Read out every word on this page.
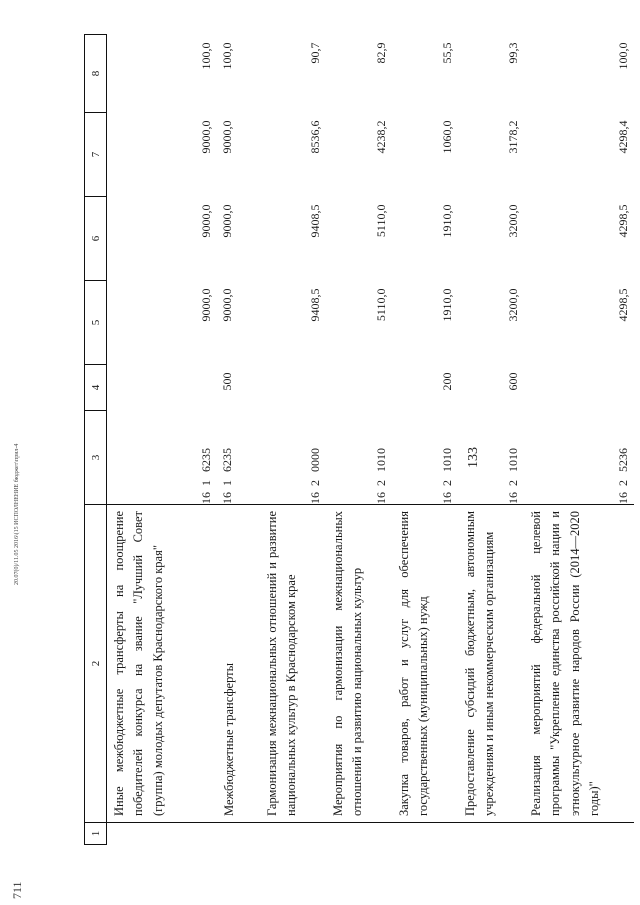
133
20.07(0)/11.05 2016\(15 ИСПОЛНЕНИЕ бюджет\прил-4
711
1	2	3	4	5	6	7	8
	Иные межбюджетные трансферты на поощрение победителей конкурса на звание "Лучший Совет (группа) молодых депутатов Краснодарского края"	1616235		9000,0	9000,0	9000,0	100,0
	Межбюджетные трансферты	1616235	500	9000,0	9000,0	9000,0	100,0
	Гармонизация межнациональных отношений и развитие национальных культур в Краснодарском крае	1620000		9408,5	9408,5	8536,6	90,7
	Мероприятия по гармонизации межнациональных отношений и развитию национальных культур	1621010		5110,0	5110,0	4238,2	82,9
	Закупка товаров, работ и услуг для обеспечения государственных (муниципальных) нужд	1621010	200	1910,0	1910,0	1060,0	55,5
	Предоставление субсидий бюджетным, автономным учреждениям и иным некоммерческим организациям	1621010	600	3200,0	3200,0	3178,2	99,3
	Реализация мероприятий федеральной целевой программы "Укрепление единства российской нации и этнокультурное развитие народов России (2014—2020 годы)"	1625236		4298,5	4298,5	4298,4	100,0
